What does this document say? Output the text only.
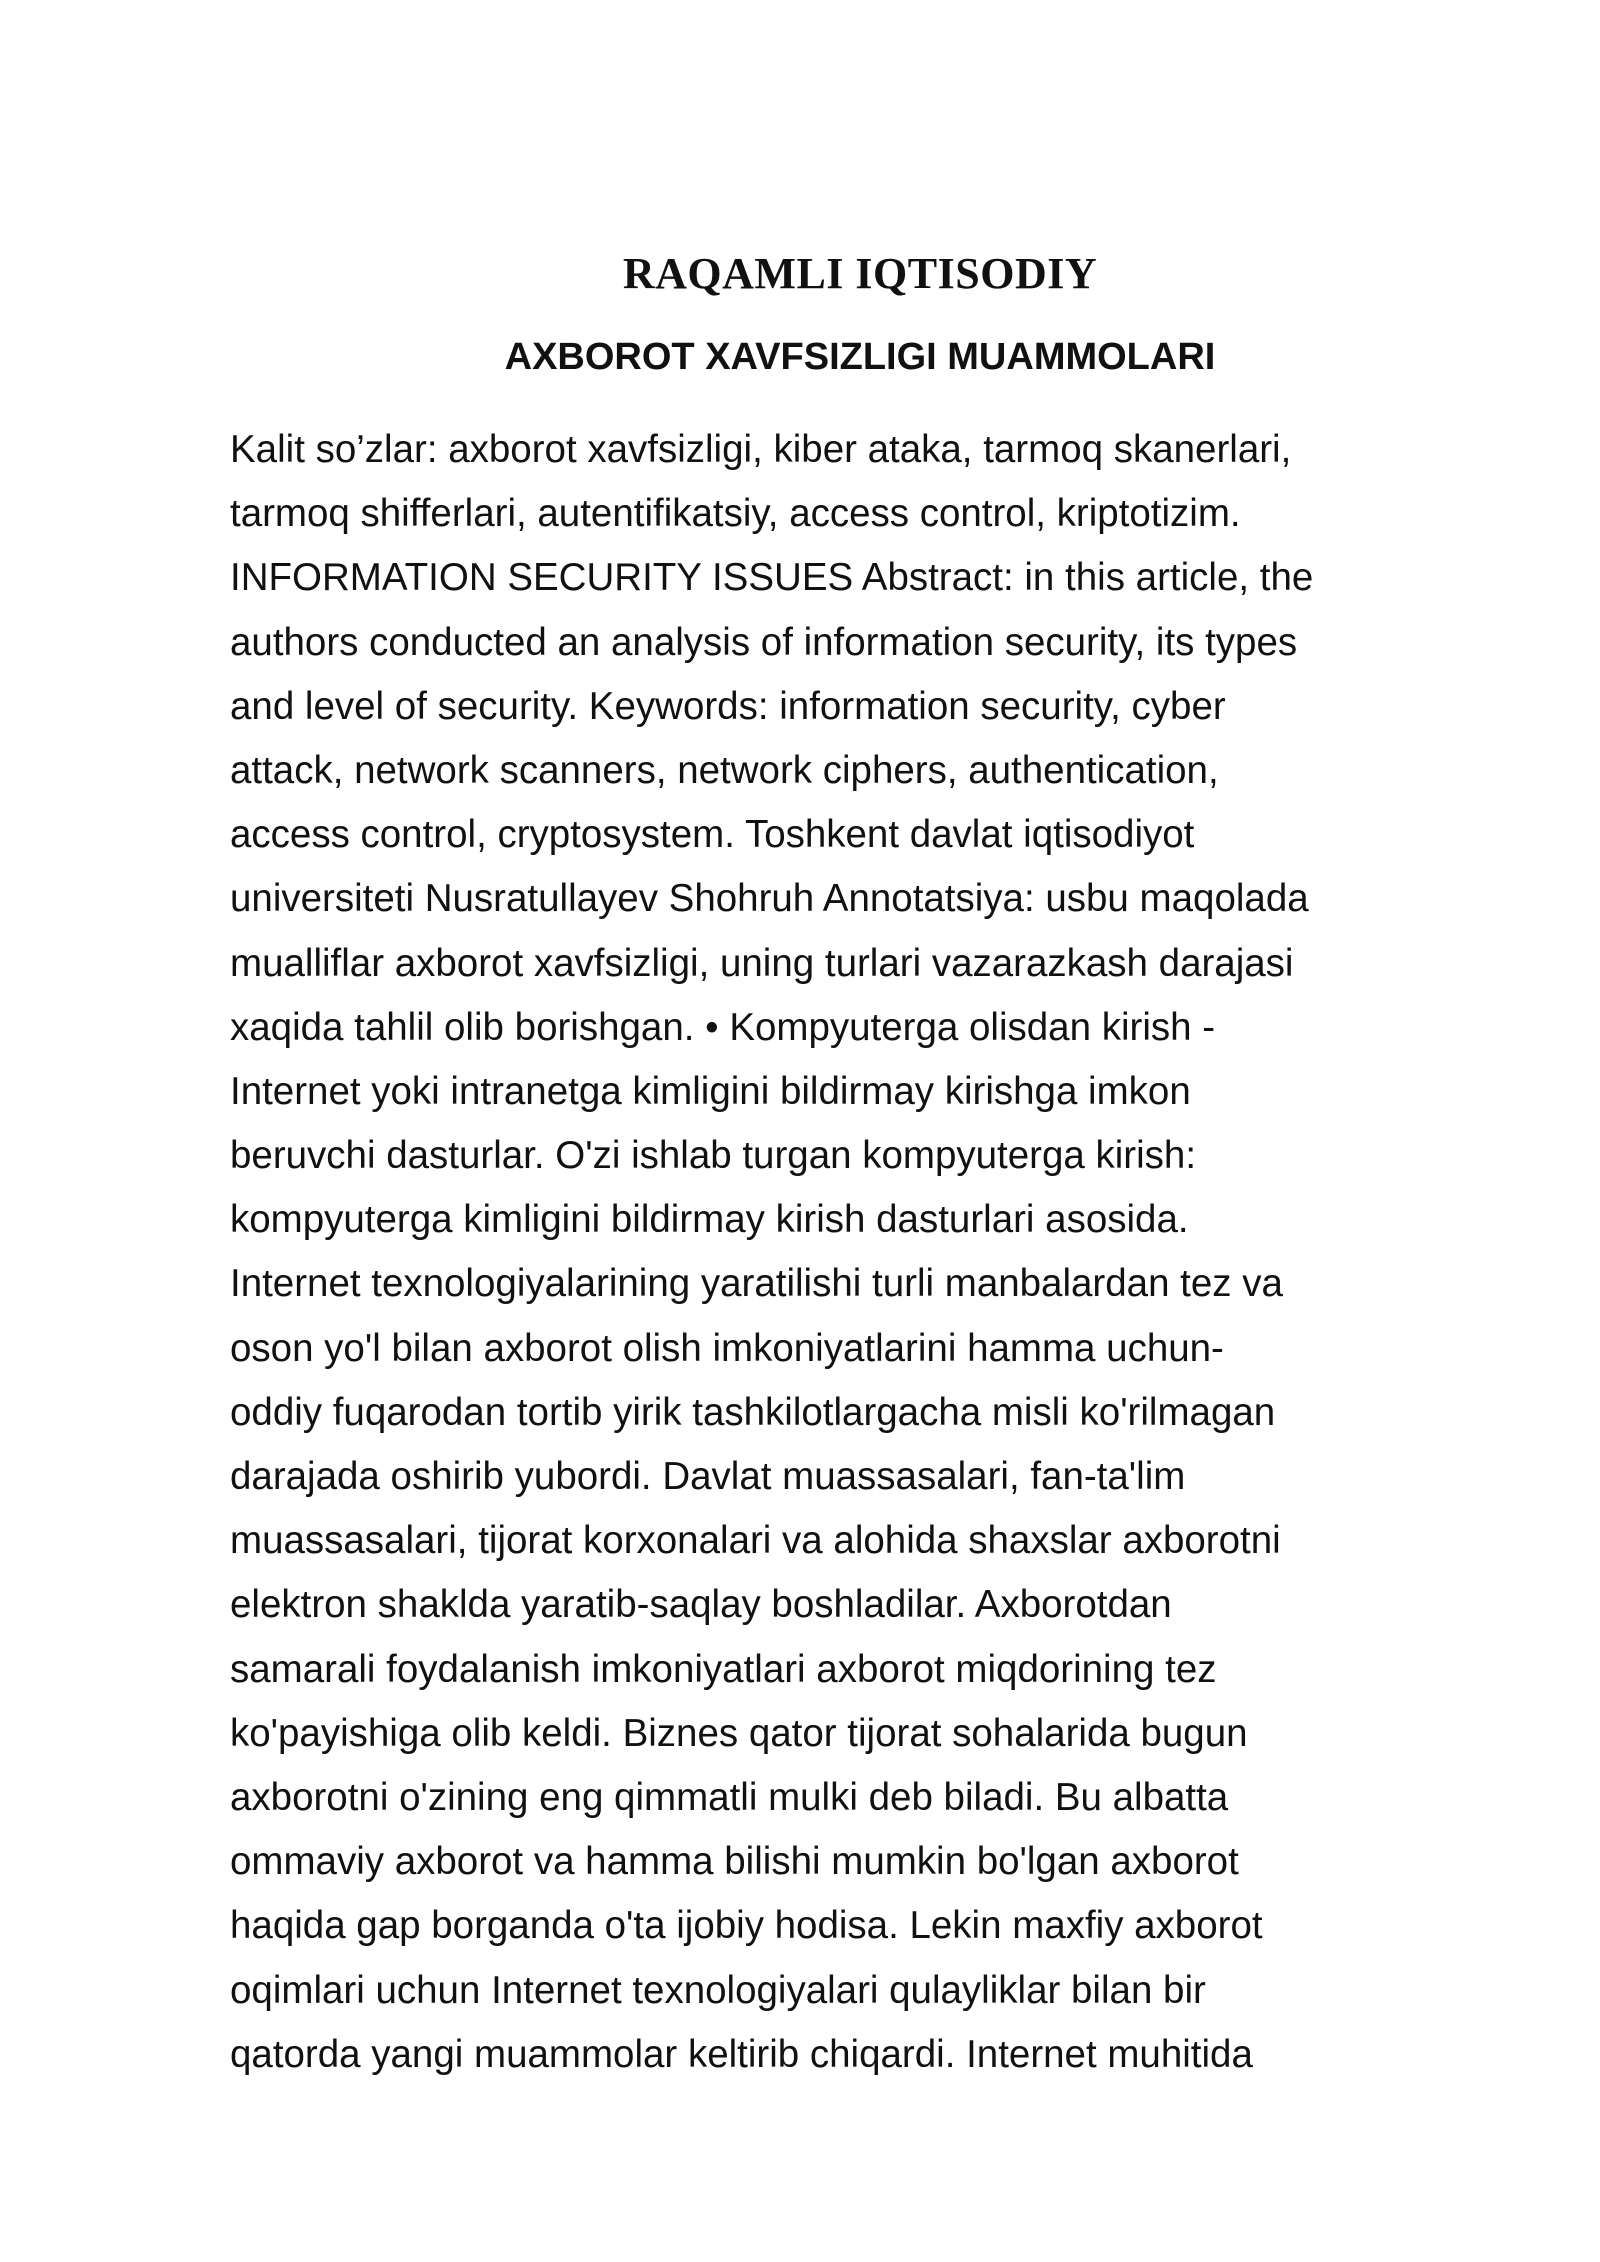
RAQAMLI IQTISODIY
AXBOROT XAVFSIZLIGI MUAMMOLARI
Kalit so’zlar: axborot xavfsizligi, kiber ataka, tarmoq skanerlari,
tarmoq shifferlari, autentifikatsiy, access control, kriptotizim.
INFORMATION SECURITY ISSUES Abstract: in this article, the
authors conducted an analysis of information security, its types
and level of security. Keywords: information security, cyber
attack, network scanners, network ciphers, authentication,
access control, cryptosystem. Toshkent davlat iqtisodiyot
universiteti Nusratullayev Shohruh Annotatsiya: usbu maqolada
mualliflar axborot xavfsizligi, uning turlari vazarazkash darajasi
xaqida tahlil olib borishgan. • Kompyuterga olisdan kirish -
Internet yoki intranetga kimligini bildirmay kirishga imkon
beruvchi dasturlar. O'zi ishlab turgan kompyuterga kirish:
kompyuterga kimligini bildirmay kirish dasturlari asosida.
Internet texnologiyalarining yaratilishi turli manbalardan tez va
oson yo'l bilan axborot olish imkoniyatlarini hamma uchun-
oddiy fuqarodan tortib yirik tashkilotlargacha misli ko'rilmagan
darajada oshirib yubordi. Davlat muassasalari, fan-ta'lim
muassasalari, tijorat korxonalari va alohida shaxslar axborotni
elektron shaklda yaratib-saqlay boshladilar. Axborotdan
samarali foydalanish imkoniyatlari axborot miqdorining tez
ko'payishiga olib keldi. Biznes qator tijorat sohalarida bugun
axborotni o'zining eng qimmatli mulki deb biladi. Bu albatta
ommaviy axborot va hamma bilishi mumkin bo'lgan axborot
haqida gap borganda o'ta ijobiy hodisa. Lekin maxfiy axborot
oqimlari uchun Internet texnologiyalari qulayliklar bilan bir
qatorda yangi muammolar keltirib chiqardi. Internet muhitida
